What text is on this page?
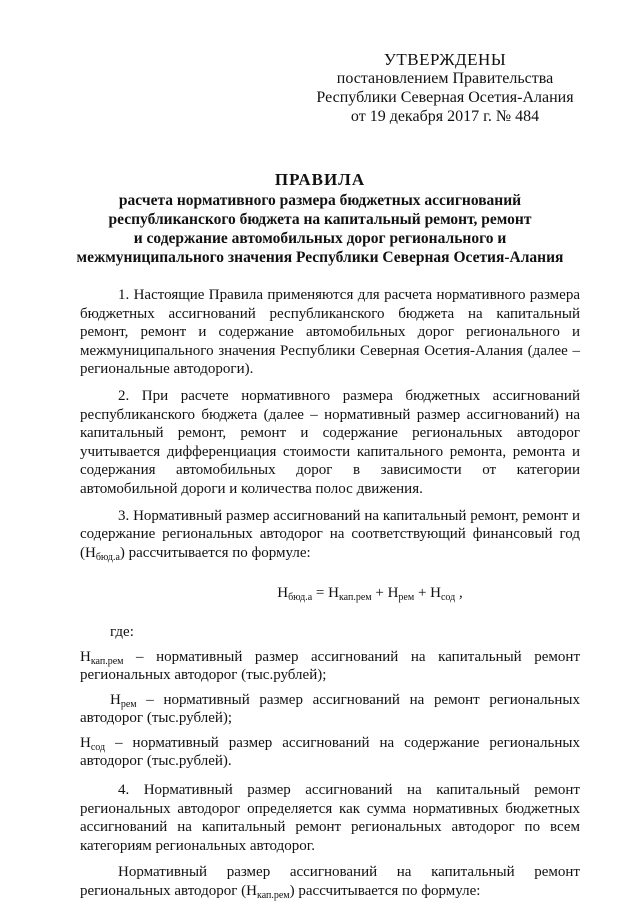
УТВЕРЖДЕНЫ
постановлением Правительства
Республики Северная Осетия-Алания
от 19 декабря 2017 г. № 484
ПРАВИЛА
расчета нормативного размера бюджетных ассигнований
республиканского бюджета на капитальный ремонт, ремонт
и содержание автомобильных дорог регионального и
межмуниципального значения Республики Северная Осетия-Алания

1. Настоящие Правила применяются для расчета нормативного размера бюджетных ассигнований республиканского бюджета на капитальный ремонт, ремонт и содержание автомобильных дорог регионального и межмуниципального значения Республики Северная Осетия-Алания (далее – региональные автодороги).

2. При расчете нормативного размера бюджетных ассигнований республиканского бюджета (далее – нормативный размер ассигнований) на капитальный ремонт, ремонт и содержание региональных автодорог учитывается дифференциация стоимости капитального ремонта, ремонта и содержания автомобильных дорог в зависимости от категории автомобильной дороги и количества полос движения.

3. Нормативный размер ассигнований на капитальный ремонт, ремонт и содержание региональных автодорог на соответствующий финансовый год $(Н_{бюд.а})$ рассчитывается по формуле:

$Н_{бюд.а} = Н_{кап.рем} + Н_{рем} + Н_{сод}$ ,
где:

$Н_{кап.рем}$ – нормативный размер ассигнований на капитальный ремонт региональных автодорог (тыс.рублей);

$Н_{рем}$ – нормативный размер ассигнований на ремонт региональных автодорог (тыс.рублей);

$Н_{сод}$ – нормативный размер ассигнований на содержание региональных автодорог (тыс.рублей).

4. Нормативный размер ассигнований на капитальный ремонт региональных автодорог определяется как сумма нормативных бюджетных ассигнований на капитальный ремонт региональных автодорог по всем категориям региональных автодорог.

Нормативный размер ассигнований на капитальный ремонт региональных автодорог $(Н_{кап.рем})$ рассчитывается по формуле:
